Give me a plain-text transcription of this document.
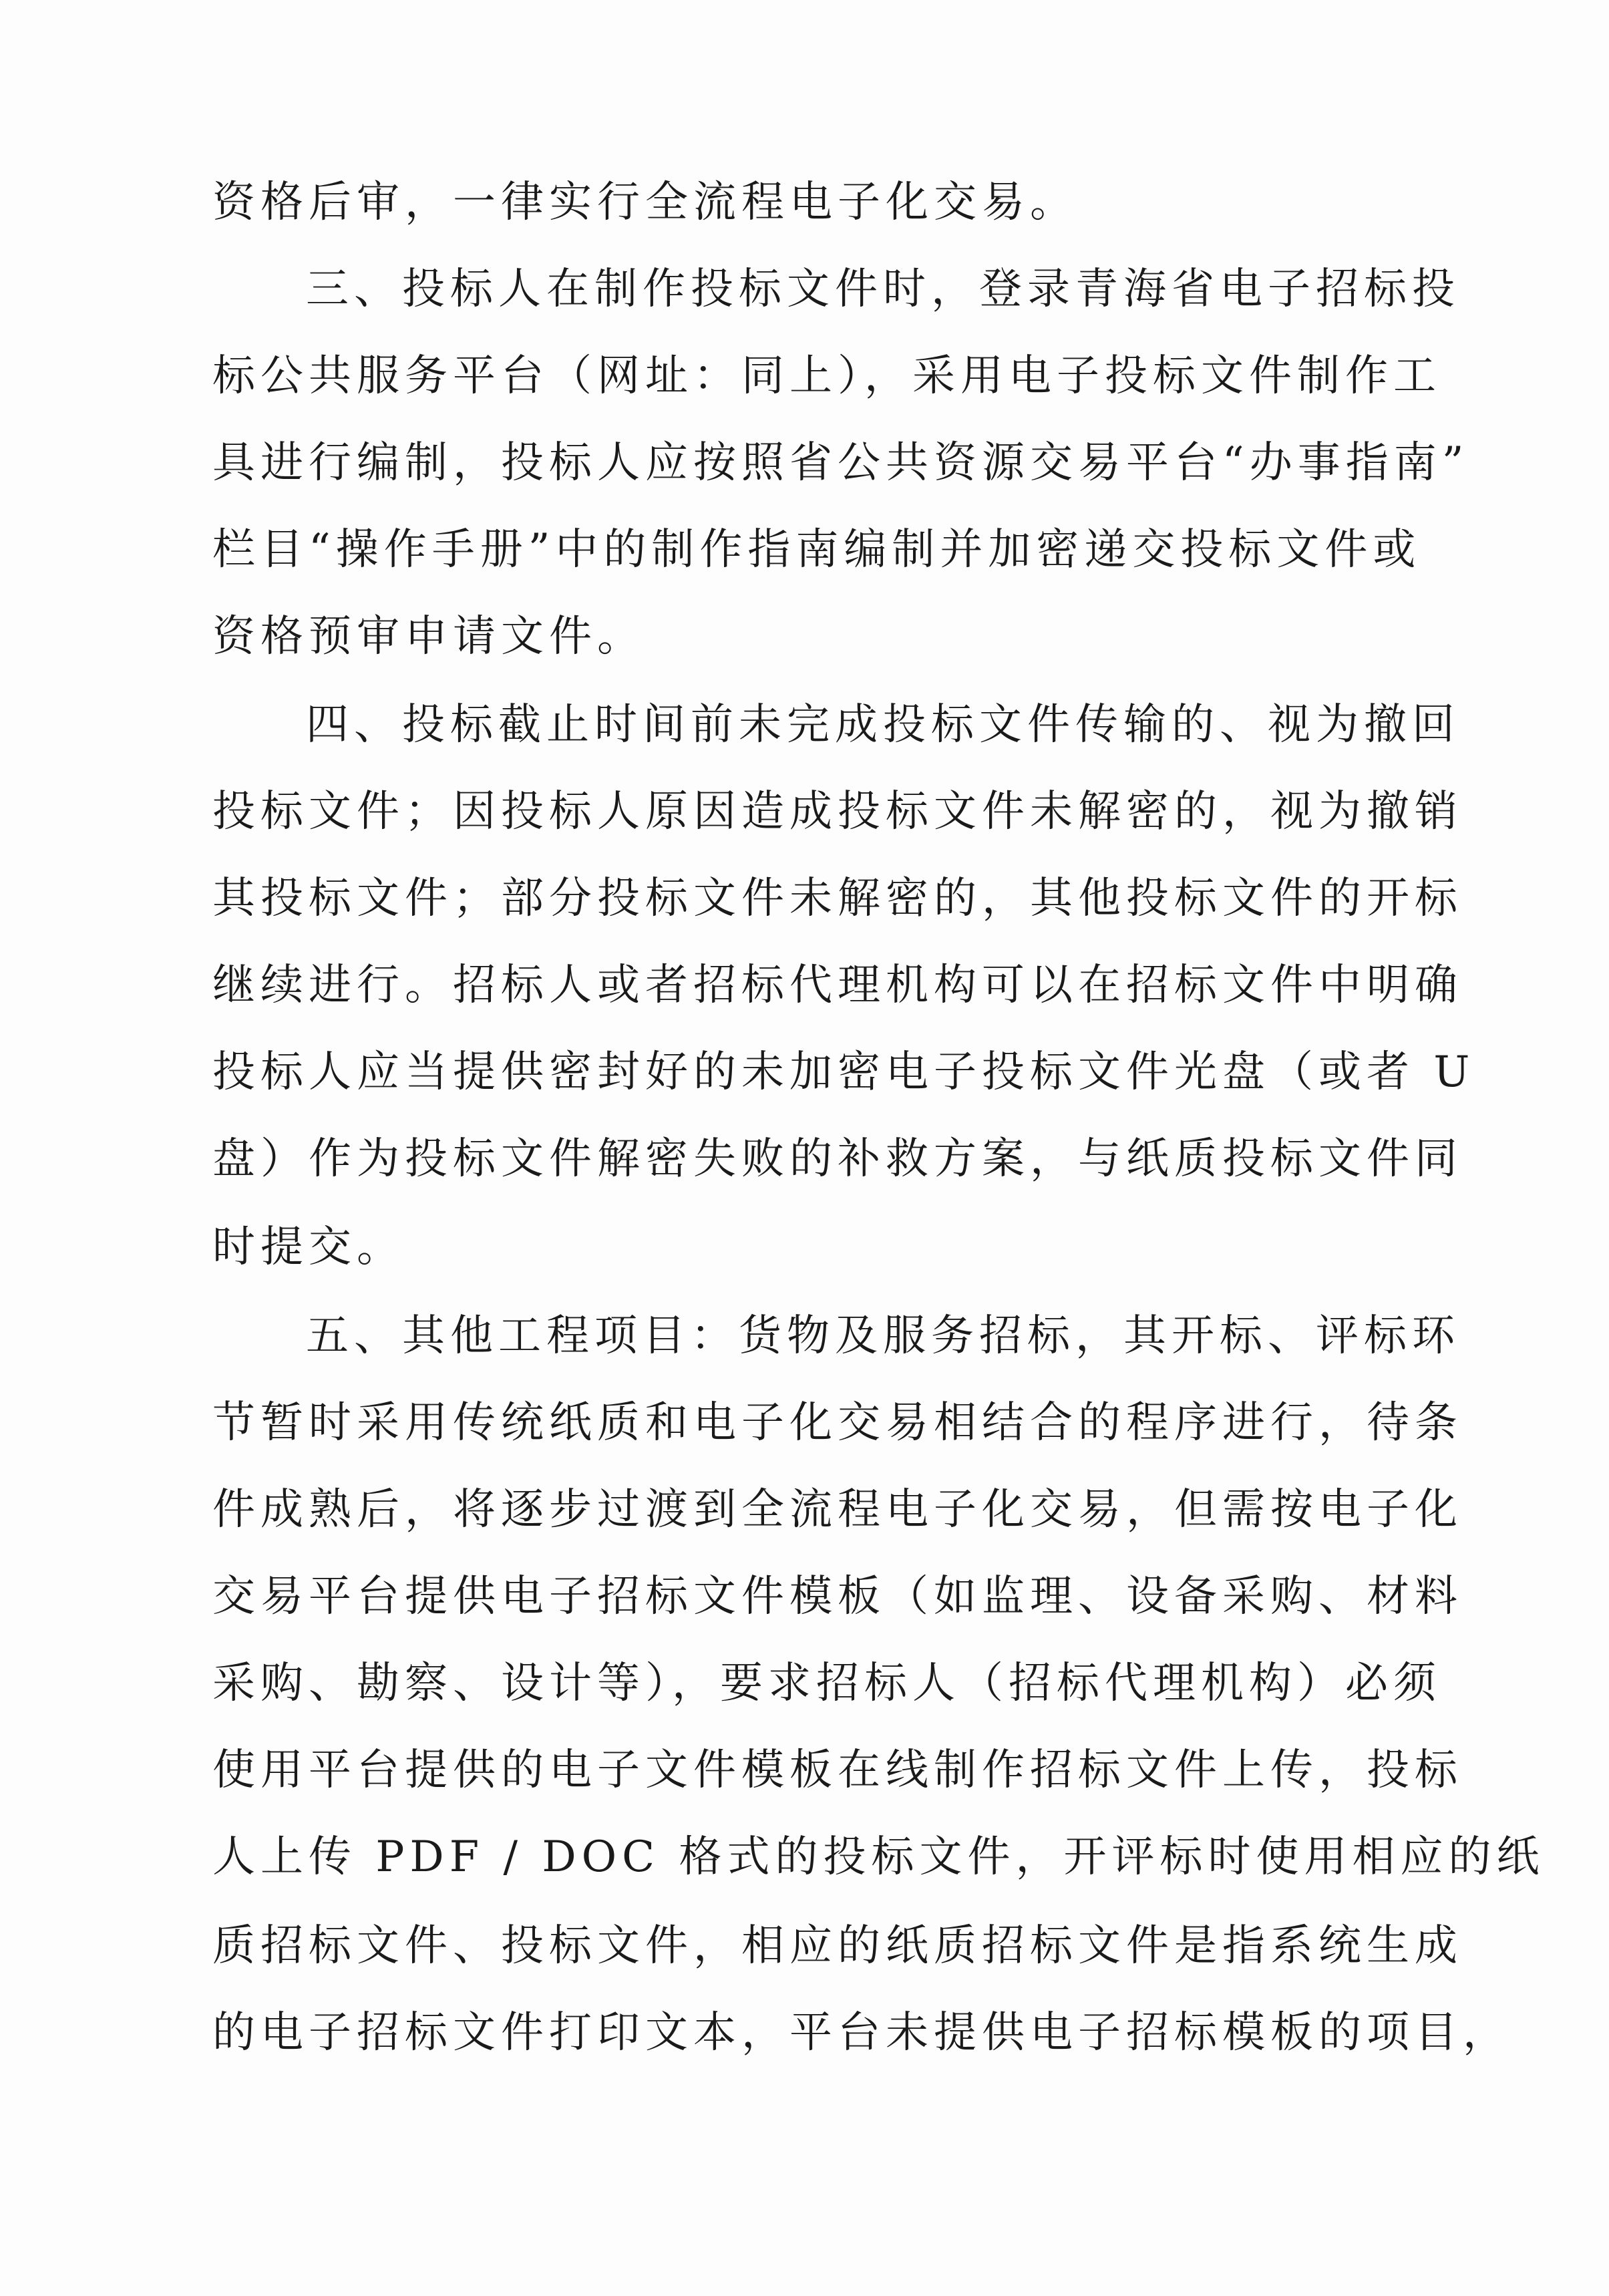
资格后审，一律实行全流程电子化交易。
三、投标人在制作投标文件时，登录青海省电子招标投
标公共服务平台（网址：同上），采用电子投标文件制作工
具进行编制，投标人应按照省公共资源交易平台“办事指南”
栏目“操作手册”中的制作指南编制并加密递交投标文件或
资格预审申请文件。
四、投标截止时间前未完成投标文件传输的、视为撤回
投标文件；因投标人原因造成投标文件未解密的，视为撤销
其投标文件；部分投标文件未解密的，其他投标文件的开标
继续进行。招标人或者招标代理机构可以在招标文件中明确
投标人应当提供密封好的未加密电子投标文件光盘（或者 U
盘）作为投标文件解密失败的补救方案，与纸质投标文件同
时提交。
五、其他工程项目：货物及服务招标，其开标、评标环
节暂时采用传统纸质和电子化交易相结合的程序进行，待条
件成熟后，将逐步过渡到全流程电子化交易，但需按电子化
交易平台提供电子招标文件模板（如监理、设备采购、材料
采购、勘察、设计等），要求招标人（招标代理机构）必须
使用平台提供的电子文件模板在线制作招标文件上传，投标
人上传 PDF / DOC 格式的投标文件，开评标时使用相应的纸
质招标文件、投标文件，相应的纸质招标文件是指系统生成
的电子招标文件打印文本，平台未提供电子招标模板的项目，
